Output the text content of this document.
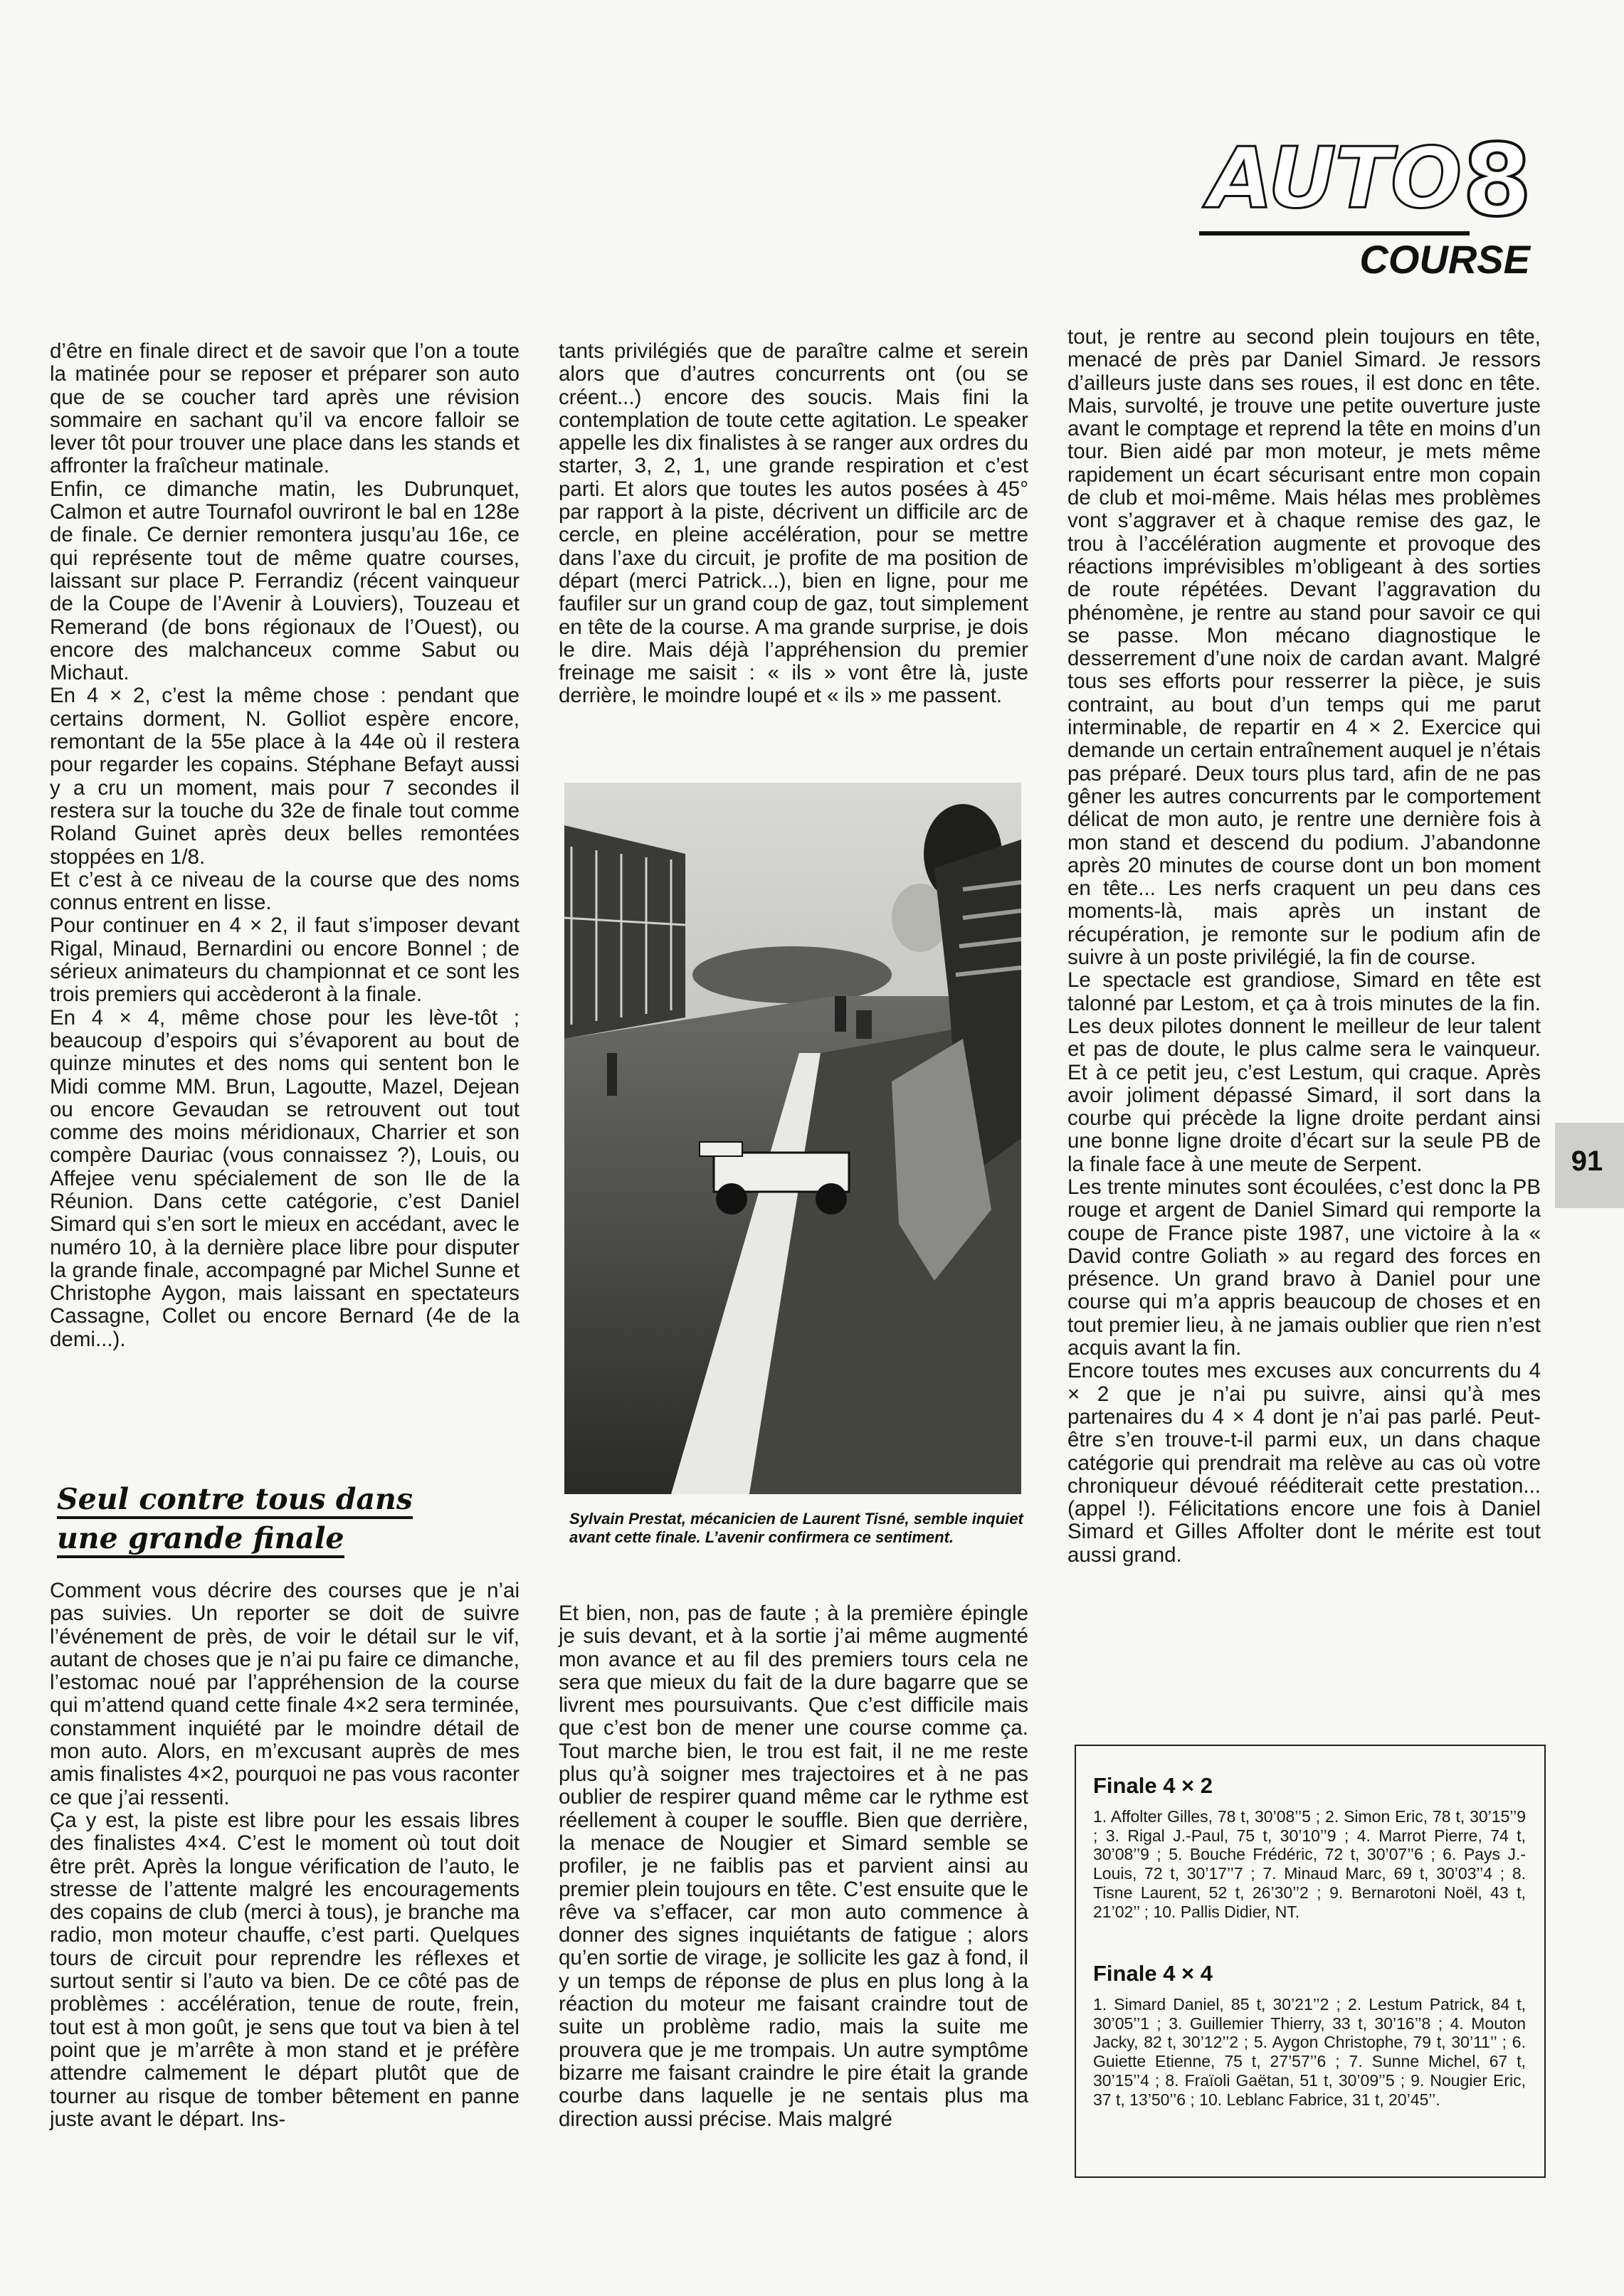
AUTO 8
COURSE

d’être en finale direct et de savoir que l’on a toute la matinée pour se reposer et préparer son auto que de se coucher tard après une révision sommaire en sachant qu’il va encore falloir se lever tôt pour trouver une place dans les stands et affronter la fraîcheur matinale.

Enfin, ce dimanche matin, les Dubrunquet, Calmon et autre Tournafol ouvriront le bal en 128e de finale. Ce dernier remontera jusqu’au 16e, ce qui représente tout de même quatre courses, laissant sur place P. Ferrandiz (récent vainqueur de la Coupe de l’Avenir à Louviers), Touzeau et Remerand (de bons régionaux de l’Ouest), ou encore des malchanceux comme Sabut ou Michaut.

En 4 × 2, c’est la même chose : pendant que certains dorment, N. Golliot espère encore, remontant de la 55e place à la 44e où il restera pour regarder les copains. Stéphane Befayt aussi y a cru un moment, mais pour 7 secondes il restera sur la touche du 32e de finale tout comme Roland Guinet après deux belles remontées stoppées en 1/8.

Et c’est à ce niveau de la course que des noms connus entrent en lisse.

Pour continuer en 4 × 2, il faut s’imposer devant Rigal, Minaud, Bernardini ou encore Bonnel ; de sérieux animateurs du championnat et ce sont les trois premiers qui accèderont à la finale.

En 4 × 4, même chose pour les lève-tôt ; beaucoup d’espoirs qui s’évaporent au bout de quinze minutes et des noms qui sentent bon le Midi comme MM. Brun, Lagoutte, Mazel, Dejean ou encore Gevaudan se retrouvent out tout comme des moins méridionaux, Charrier et son compère Dauriac (vous connaissez ?), Louis, ou Affejee venu spécialement de son Ile de la Réunion. Dans cette catégorie, c’est Daniel Simard qui s’en sort le mieux en accédant, avec le numéro 10, à la dernière place libre pour disputer la grande finale, accompagné par Michel Sunne et Christophe Aygon, mais laissant en spectateurs Cassagne, Collet ou encore Bernard (4e de la demi...).

Seul contre tous dans
une grande finale

Comment vous décrire des courses que je n’ai pas suivies. Un reporter se doit de suivre l’événement de près, de voir le détail sur le vif, autant de choses que je n’ai pu faire ce dimanche, l’estomac noué par l’appréhension de la course qui m’attend quand cette finale 4×2 sera terminée, constamment inquiété par le moindre détail de mon auto. Alors, en m’excusant auprès de mes amis finalistes 4×2, pourquoi ne pas vous raconter ce que j’ai ressenti.

Ça y est, la piste est libre pour les essais libres des finalistes 4×4. C’est le moment où tout doit être prêt. Après la longue vérification de l’auto, le stresse de l’attente malgré les encouragements des copains de club (merci à tous), je branche ma radio, mon moteur chauffe, c’est parti. Quelques tours de circuit pour reprendre les réflexes et surtout sentir si l’auto va bien. De ce côté pas de problèmes : accélération, tenue de route, frein, tout est à mon goût, je sens que tout va bien à tel point que je m’arrête à mon stand et je préfère attendre calmement le départ plutôt que de tourner au risque de tomber bêtement en panne juste avant le départ. Ins-

tants privilégiés que de paraître calme et serein alors que d’autres concurrents ont (ou se créent...) encore des soucis. Mais fini la contemplation de toute cette agitation. Le speaker appelle les dix finalistes à se ranger aux ordres du starter, 3, 2, 1, une grande respiration et c’est parti. Et alors que toutes les autos posées à 45° par rapport à la piste, décrivent un difficile arc de cercle, en pleine accélération, pour se mettre dans l’axe du circuit, je profite de ma position de départ (merci Patrick...), bien en ligne, pour me faufiler sur un grand coup de gaz, tout simplement en tête de la course. A ma grande surprise, je dois le dire. Mais déjà l’appréhension du premier freinage me saisit : « ils » vont être là, juste derrière, le moindre loupé et « ils » me passent.

Sylvain Prestat, mécanicien de Laurent Tisné, semble inquiet avant cette finale. L’avenir confirmera ce sentiment.

Et bien, non, pas de faute ; à la première épingle je suis devant, et à la sortie j’ai même augmenté mon avance et au fil des premiers tours cela ne sera que mieux du fait de la dure bagarre que se livrent mes poursuivants. Que c’est difficile mais que c’est bon de mener une course comme ça. Tout marche bien, le trou est fait, il ne me reste plus qu’à soigner mes trajectoires et à ne pas oublier de respirer quand même car le rythme est réellement à couper le souffle. Bien que derrière, la menace de Nougier et Simard semble se profiler, je ne faiblis pas et parvient ainsi au premier plein toujours en tête. C’est ensuite que le rêve va s’effacer, car mon auto commence à donner des signes inquiétants de fatigue ; alors qu’en sortie de virage, je sollicite les gaz à fond, il y un temps de réponse de plus en plus long à la réaction du moteur me faisant craindre tout de suite un problème radio, mais la suite me prouvera que je me trompais. Un autre symptôme bizarre me faisant craindre le pire était la grande courbe dans laquelle je ne sentais plus ma direction aussi précise. Mais malgré

tout, je rentre au second plein toujours en tête, menacé de près par Daniel Simard. Je ressors d’ailleurs juste dans ses roues, il est donc en tête. Mais, survolté, je trouve une petite ouverture juste avant le comptage et reprend la tête en moins d’un tour. Bien aidé par mon moteur, je mets même rapidement un écart sécurisant entre mon copain de club et moi-même. Mais hélas mes problèmes vont s’aggraver et à chaque remise des gaz, le trou à l’accélération augmente et provoque des réactions imprévisibles m’obligeant à des sorties de route répétées. Devant l’aggravation du phénomène, je rentre au stand pour savoir ce qui se passe. Mon mécano diagnostique le desserrement d’une noix de cardan avant. Malgré tous ses efforts pour resserrer la pièce, je suis contraint, au bout d’un temps qui me parut interminable, de repartir en 4 × 2. Exercice qui demande un certain entraînement auquel je n’étais pas préparé. Deux tours plus tard, afin de ne pas gêner les autres concurrents par le comportement délicat de mon auto, je rentre une dernière fois à mon stand et descend du podium. J’abandonne après 20 minutes de course dont un bon moment en tête... Les nerfs craquent un peu dans ces moments-là, mais après un instant de récupération, je remonte sur le podium afin de suivre à un poste privilégié, la fin de course.

Le spectacle est grandiose, Simard en tête est talonné par Lestom, et ça à trois minutes de la fin. Les deux pilotes donnent le meilleur de leur talent et pas de doute, le plus calme sera le vainqueur. Et à ce petit jeu, c’est Lestum, qui craque. Après avoir joliment dépassé Simard, il sort dans la courbe qui précède la ligne droite perdant ainsi une bonne ligne droite d’écart sur la seule PB de la finale face à une meute de Serpent.

Les trente minutes sont écoulées, c’est donc la PB rouge et argent de Daniel Simard qui remporte la coupe de France piste 1987, une victoire à la « David contre Goliath » au regard des forces en présence. Un grand bravo à Daniel pour une course qui m’a appris beaucoup de choses et en tout premier lieu, à ne jamais oublier que rien n’est acquis avant la fin.

Encore toutes mes excuses aux concurrents du 4 × 2 que je n’ai pu suivre, ainsi qu’à mes partenaires du 4 × 4 dont je n’ai pas parlé. Peut-être s’en trouve-t-il parmi eux, un dans chaque catégorie qui prendrait ma relève au cas où votre chroniqueur dévoué rééditerait cette prestation... (appel !). Félicitations encore une fois à Daniel Simard et Gilles Affolter dont le mérite est tout aussi grand.

91
Finale 4 × 2
1. Affolter Gilles, 78 t, 30’08’’5 ; 2. Simon Eric, 78 t, 30’15’’9 ; 3. Rigal J.-Paul, 75 t, 30’10’’9 ; 4. Marrot Pierre, 74 t, 30’08’’9 ; 5. Bouche Frédéric, 72 t, 30’07’’6 ; 6. Pays J.-Louis, 72 t, 30’17’’7 ; 7. Minaud Marc, 69 t, 30’03’’4 ; 8. Tisne Laurent, 52 t, 26’30’’2 ; 9. Bernarotoni Noël, 43 t, 21’02’’ ; 10. Pallis Didier, NT.
Finale 4 × 4
1. Simard Daniel, 85 t, 30’21’’2 ; 2. Lestum Patrick, 84 t, 30’05’’1 ; 3. Guillemier Thierry, 33 t, 30’16’’8 ; 4. Mouton Jacky, 82 t, 30’12’’2 ; 5. Aygon Christophe, 79 t, 30’11’’ ; 6. Guiette Etienne, 75 t, 27’57’’6 ; 7. Sunne Michel, 67 t, 30’15’’4 ; 8. Fraïoli Gaëtan, 51 t, 30’09’’5 ; 9. Nougier Eric, 37 t, 13’50’’6 ; 10. Leblanc Fabrice, 31 t, 20’45’’.
